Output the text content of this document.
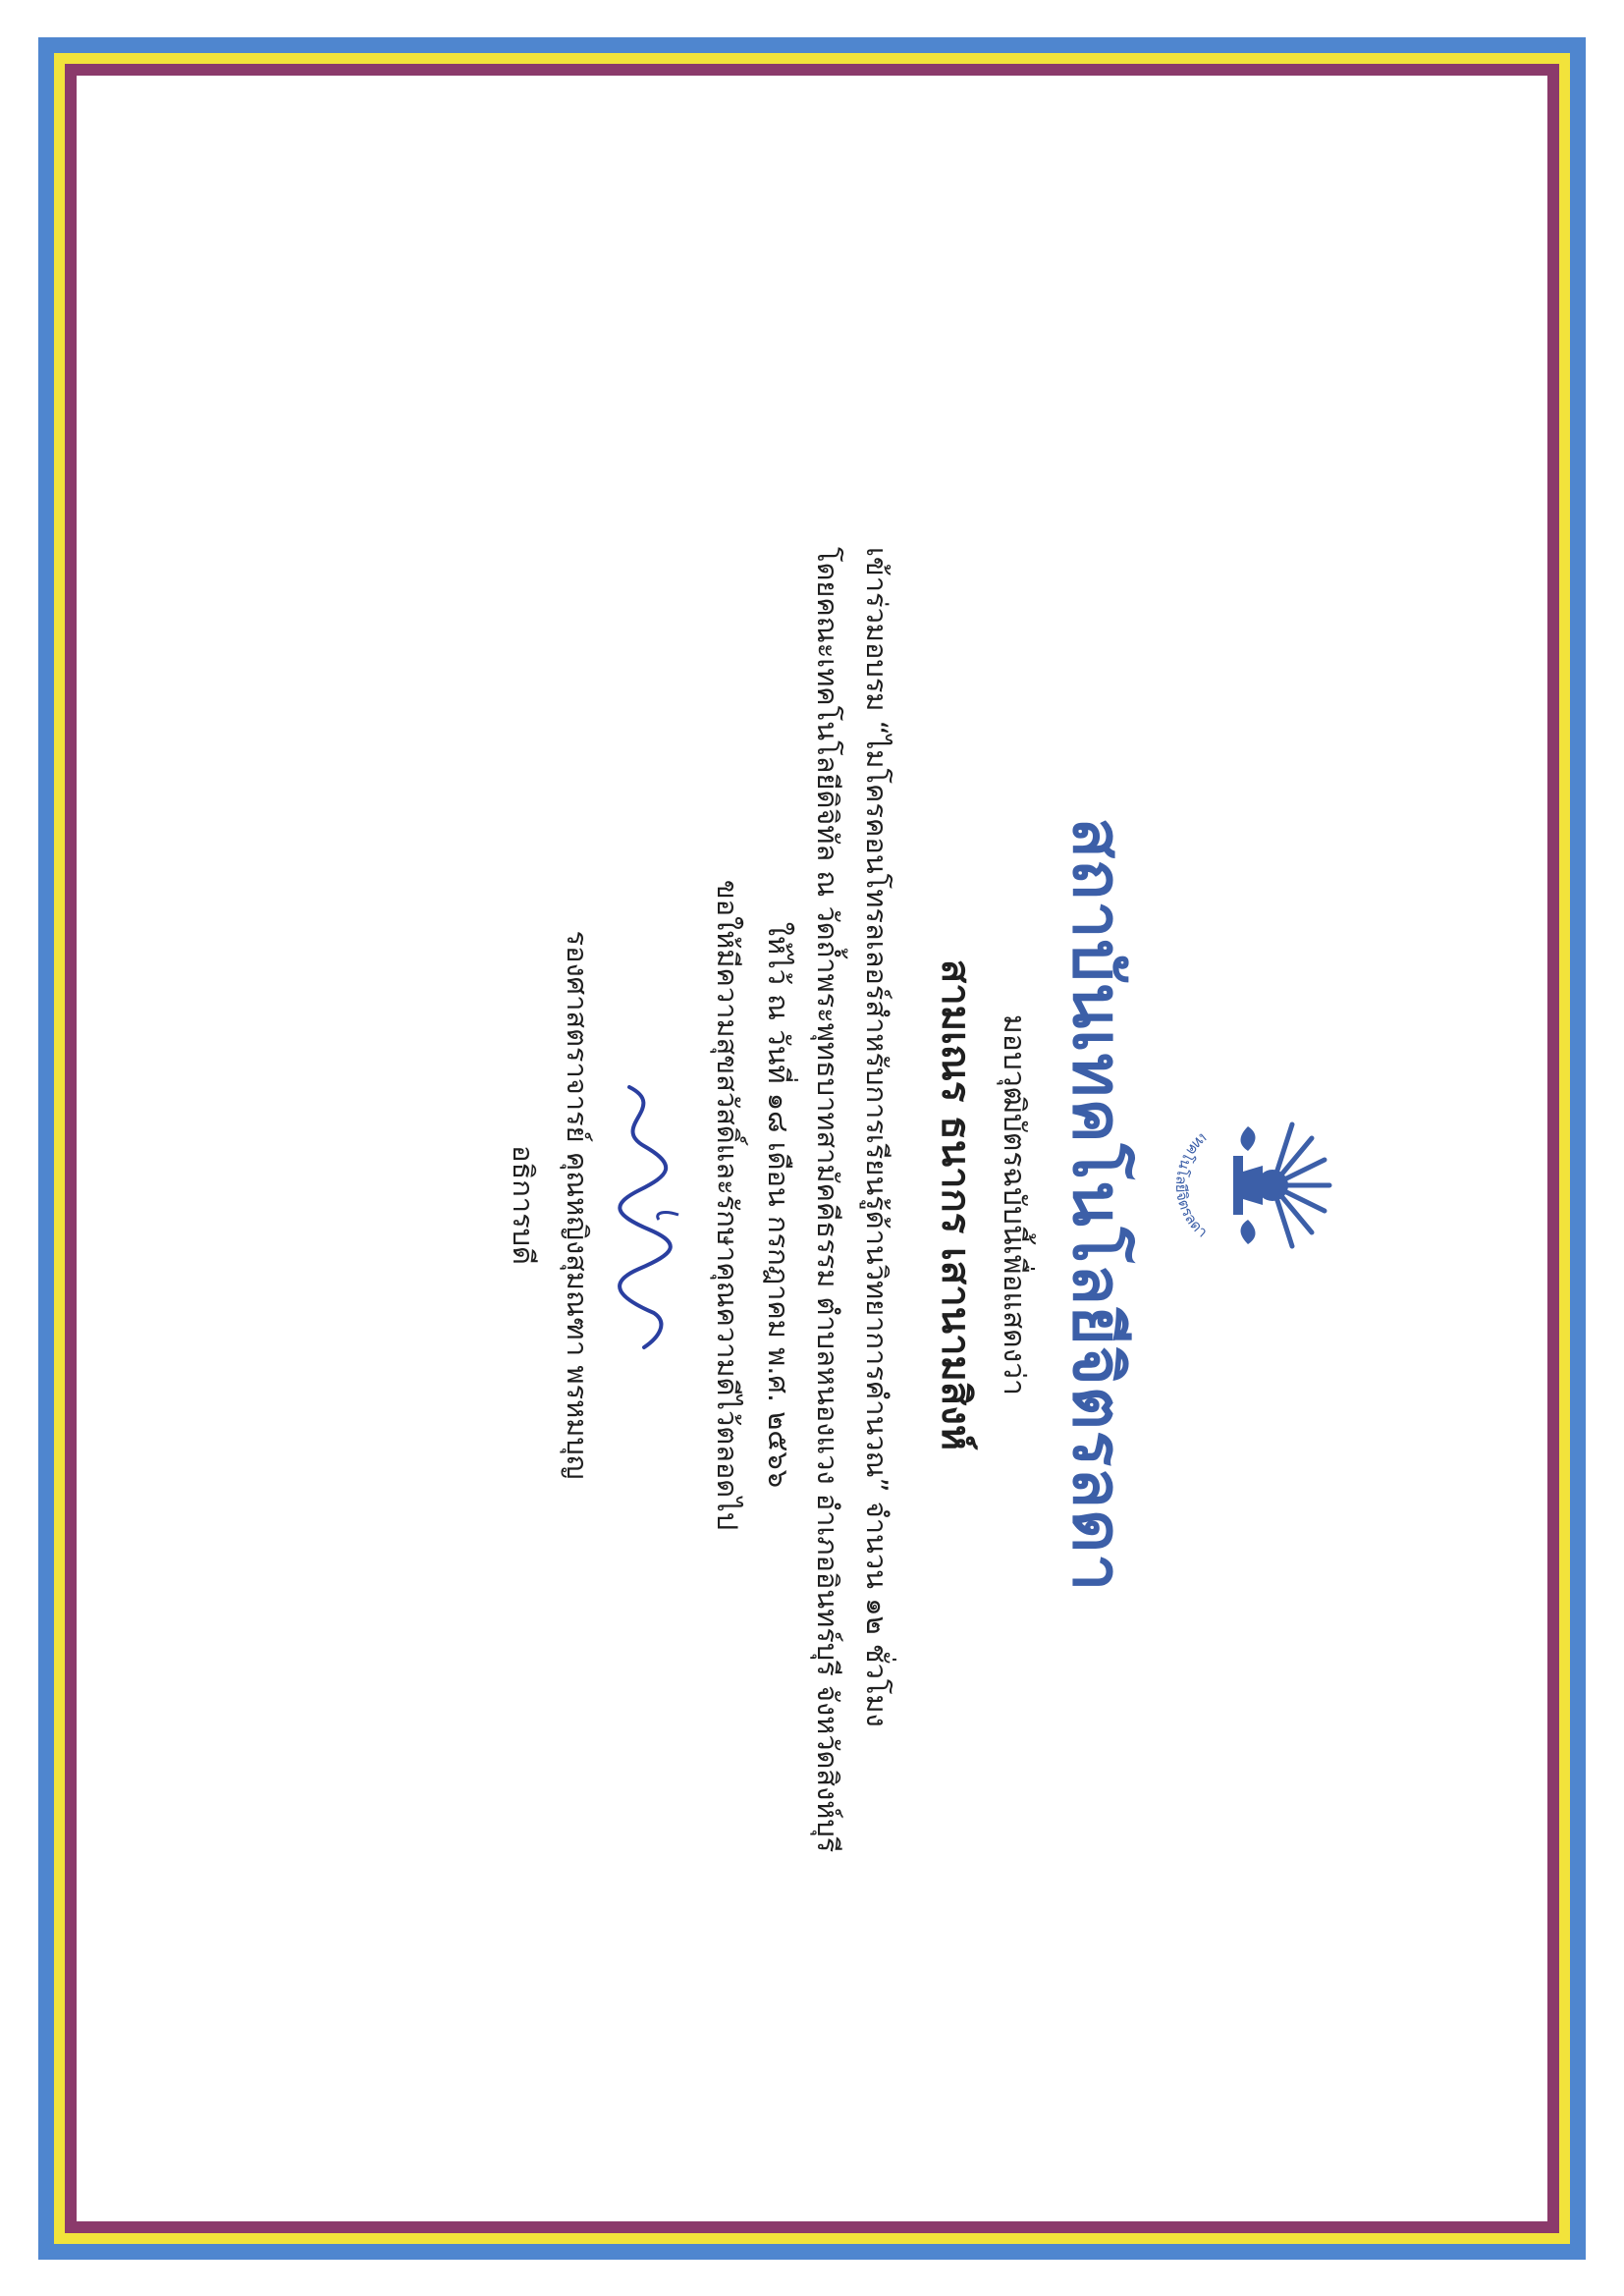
เทคโนโลยีจิตรลดา
สถาบันเทคโนโลยีจิตรลดา
มอบวุฒิบัตรฉบับนี้เพื่อแสดงว่า
สามเณร ธนากร เสานามสิงห์
เข้าร่วมอบรม “ไมโครคอนโทรลเลอร์สำหรับการเรียนรู้ด้านวิทยาการคำนวณ” จำนวน ๑๒ ชั่วโมง
โดยคณะเทคโนโลยีดิจิทัล ณ วัดถ้ำพระพุทธบาทสามัคคีธรรม ตำบลหนองแวง อำเภออินทร์บุรี จังหวัดสิงห์บุรี
ให้ไว้ ณ วันที่ ๑๘ เดือน กรกฎาคม พ.ศ. ๒๕๖๖
ขอให้มีความสุขสวัสดิ์และรักษาคุณความดีไว้ตลอดไป
รองศาสตราจารย์ คุณหญิงสุมณฑา พรหมบุญ
อธิการบดี
